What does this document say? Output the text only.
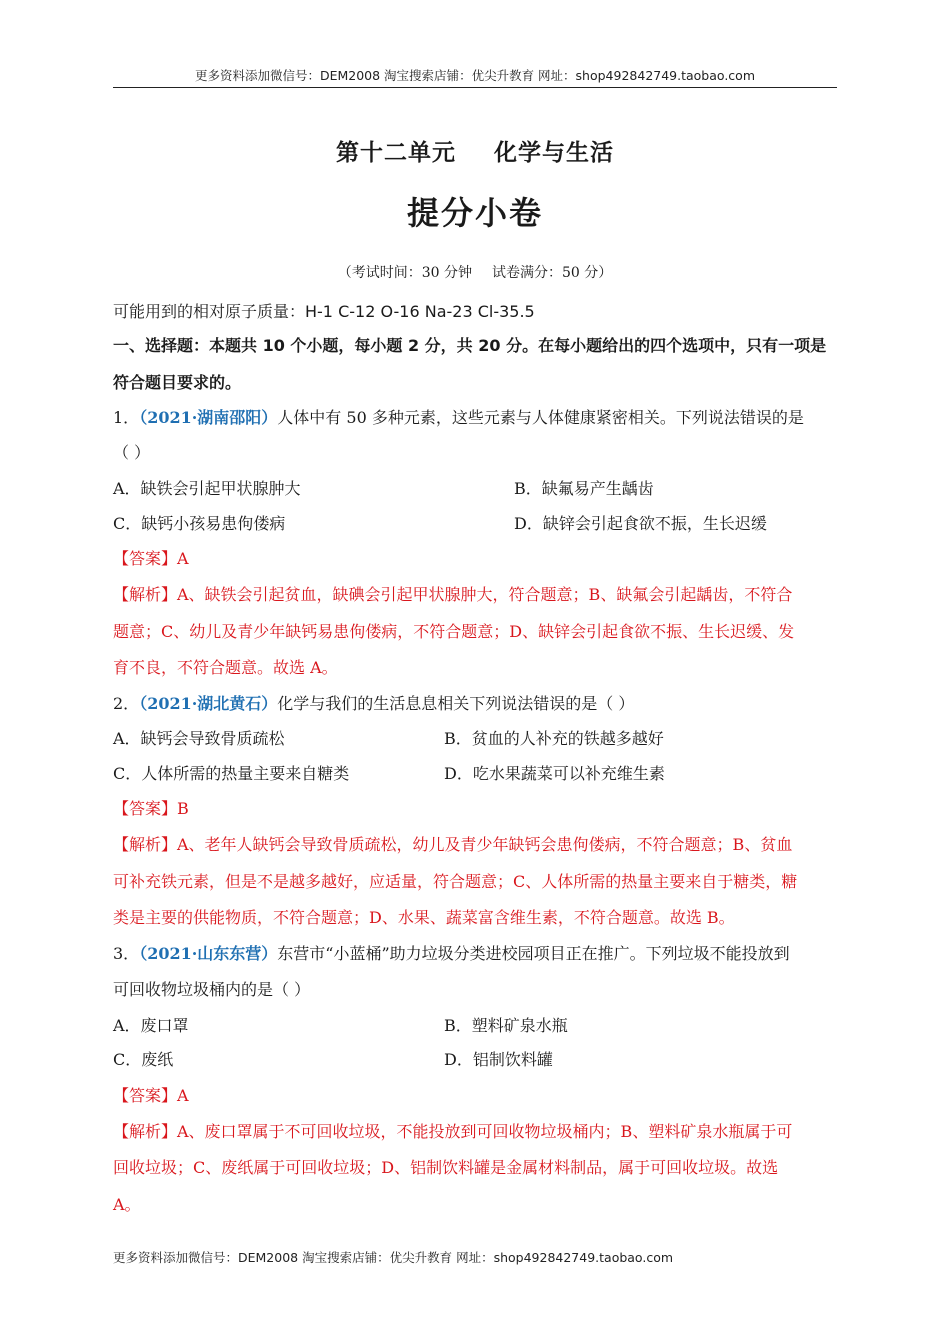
更多资料添加微信号：DEM2008 淘宝搜索店铺：优尖升教育 网址：shop492842749.taobao.com
第十二单元 化学与生活
提分小卷
（考试时间：30 分钟 试卷满分：50 分）
可能用到的相对原子质量：H-1 C-12 O-16 Na-23 Cl-35.5
一、选择题：本题共 10 个小题，每小题 2 分，共 20 分。在每小题给出的四个选项中，只有一项是
符合题目要求的。
1．（2021·湖南邵阳）人体中有 50 多种元素，这些元素与人体健康紧密相关。下列说法错误的是
（ ）
A．缺铁会引起甲状腺肿大	B．缺氟易产生龋齿
C．缺钙小孩易患佝偻病	D．缺锌会引起食欲不振，生长迟缓
【答案】A
【解析】A、缺铁会引起贫血，缺碘会引起甲状腺肿大，符合题意；B、缺氟会引起龋齿，不符合
题意；C、幼儿及青少年缺钙易患佝偻病，不符合题意；D、缺锌会引起食欲不振、生长迟缓、发
育不良，不符合题意。故选 A。
2．（2021·湖北黄石）化学与我们的生活息息相关下列说法错误的是（ ）
A．缺钙会导致骨质疏松	B．贫血的人补充的铁越多越好
C．人体所需的热量主要来自糖类	D．吃水果蔬菜可以补充维生素
【答案】B
【解析】A、老年人缺钙会导致骨质疏松，幼儿及青少年缺钙会患佝偻病，不符合题意；B、贫血
可补充铁元素，但是不是越多越好，应适量，符合题意；C、人体所需的热量主要来自于糖类，糖
类是主要的供能物质，不符合题意；D、水果、蔬菜富含维生素，不符合题意。故选 B。
3．（2021·山东东营）东营市“小蓝桶”助力垃圾分类进校园项目正在推广。下列垃圾不能投放到
可回收物垃圾桶内的是（ ）
A．废口罩	B．塑料矿泉水瓶
C．废纸	D．铝制饮料罐
【答案】A
【解析】A、废口罩属于不可回收垃圾，不能投放到可回收物垃圾桶内；B、塑料矿泉水瓶属于可
回收垃圾；C、废纸属于可回收垃圾；D、铝制饮料罐是金属材料制品，属于可回收垃圾。故选
A。
更多资料添加微信号：DEM2008 淘宝搜索店铺：优尖升教育 网址：shop492842749.taobao.com
